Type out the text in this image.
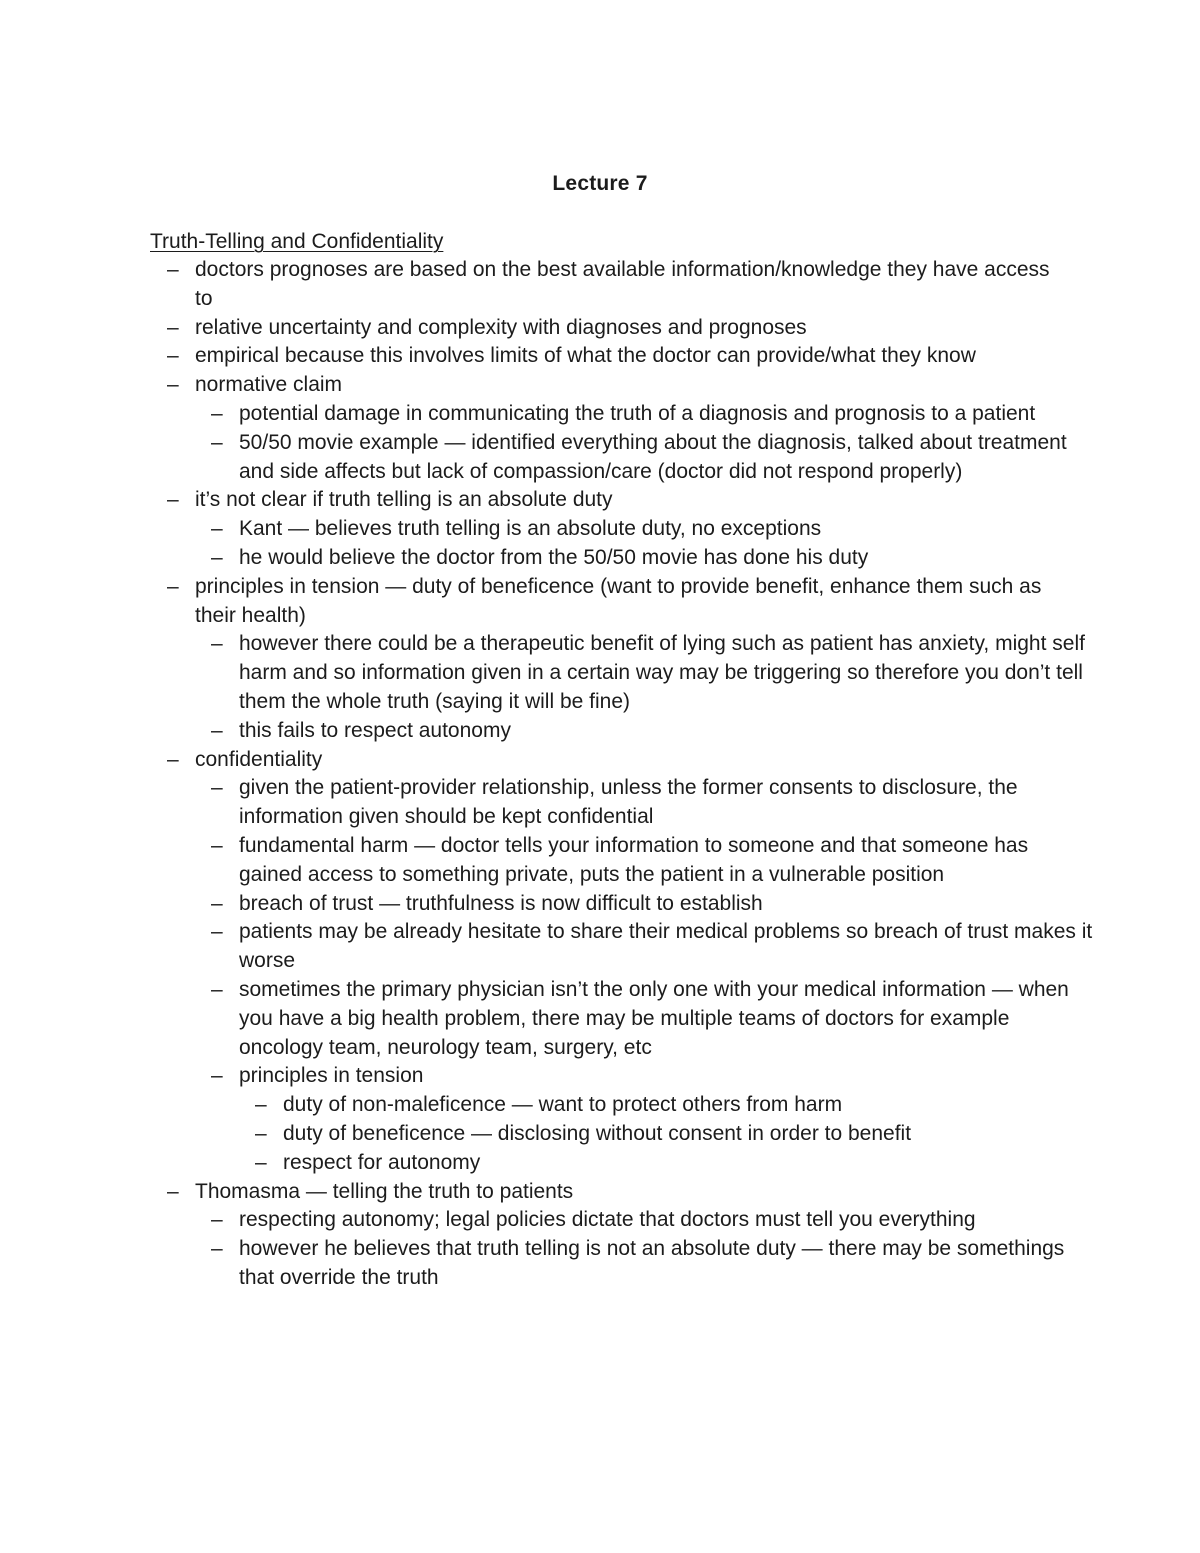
Lecture 7
Truth-Telling and Confidentiality
– doctors prognoses are based on the best available information/knowledge they have access to
– relative uncertainty and complexity with diagnoses and prognoses
– empirical because this involves limits of what the doctor can provide/what they know
– normative claim
– potential damage in communicating the truth of a diagnosis and prognosis to a patient
– 50/50 movie example — identified everything about the diagnosis, talked about treatment and side affects but lack of compassion/care (doctor did not respond properly)
– it’s not clear if truth telling is an absolute duty
– Kant — believes truth telling is an absolute duty, no exceptions
– he would believe the doctor from the 50/50 movie has done his duty
– principles in tension — duty of beneficence (want to provide benefit, enhance them such as their health)
– however there could be a therapeutic benefit of lying such as patient has anxiety, might self harm and so information given in a certain way may be triggering so therefore you don’t tell them the whole truth (saying it will be fine)
– this fails to respect autonomy
– confidentiality
– given the patient-provider relationship, unless the former consents to disclosure, the information given should be kept confidential
– fundamental harm — doctor tells your information to someone and that someone has gained access to something private, puts the patient in a vulnerable position
– breach of trust — truthfulness is now difficult to establish
– patients may be already hesitate to share their medical problems so breach of trust makes it worse
– sometimes the primary physician isn’t the only one with your medical information — when you have a big health problem, there may be multiple teams of doctors for example oncology team, neurology team, surgery, etc
– principles in tension
– duty of non-maleficence — want to protect others from harm
– duty of beneficence — disclosing without consent in order to benefit
– respect for autonomy
– Thomasma — telling the truth to patients
– respecting autonomy; legal policies dictate that doctors must tell you everything
– however he believes that truth telling is not an absolute duty — there may be somethings that override the truth
